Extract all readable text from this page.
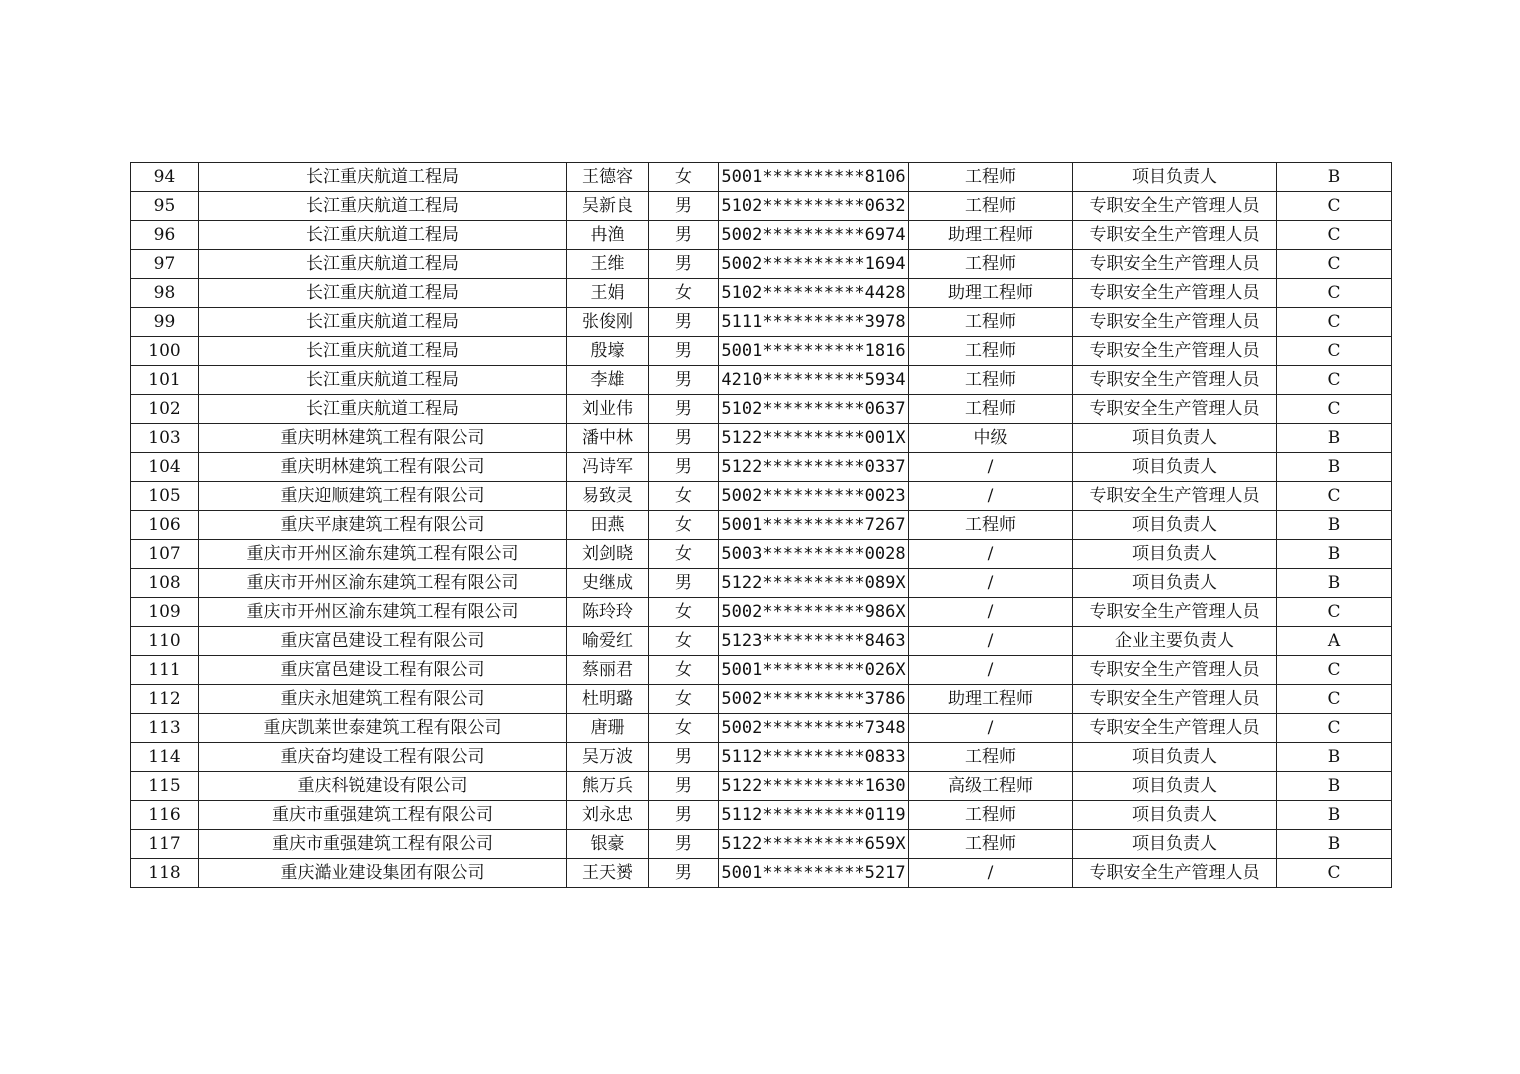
94	长江重庆航道工程局	王德容	女	5001**********8106	工程师	项目负责人	B
95	长江重庆航道工程局	吴新良	男	5102**********0632	工程师	专职安全生产管理人员	C
96	长江重庆航道工程局	冉渔	男	5002**********6974	助理工程师	专职安全生产管理人员	C
97	长江重庆航道工程局	王维	男	5002**********1694	工程师	专职安全生产管理人员	C
98	长江重庆航道工程局	王娟	女	5102**********4428	助理工程师	专职安全生产管理人员	C
99	长江重庆航道工程局	张俊刚	男	5111**********3978	工程师	专职安全生产管理人员	C
100	长江重庆航道工程局	殷壕	男	5001**********1816	工程师	专职安全生产管理人员	C
101	长江重庆航道工程局	李雄	男	4210**********5934	工程师	专职安全生产管理人员	C
102	长江重庆航道工程局	刘业伟	男	5102**********0637	工程师	专职安全生产管理人员	C
103	重庆明林建筑工程有限公司	潘中林	男	5122**********001X	中级	项目负责人	B
104	重庆明林建筑工程有限公司	冯诗军	男	5122**********0337	/	项目负责人	B
105	重庆迎顺建筑工程有限公司	易致灵	女	5002**********0023	/	专职安全生产管理人员	C
106	重庆平康建筑工程有限公司	田燕	女	5001**********7267	工程师	项目负责人	B
107	重庆市开州区渝东建筑工程有限公司	刘剑晓	女	5003**********0028	/	项目负责人	B
108	重庆市开州区渝东建筑工程有限公司	史继成	男	5122**********089X	/	项目负责人	B
109	重庆市开州区渝东建筑工程有限公司	陈玲玲	女	5002**********986X	/	专职安全生产管理人员	C
110	重庆富邑建设工程有限公司	喻爱红	女	5123**********8463	/	企业主要负责人	A
111	重庆富邑建设工程有限公司	蔡丽君	女	5001**********026X	/	专职安全生产管理人员	C
112	重庆永旭建筑工程有限公司	杜明璐	女	5002**********3786	助理工程师	专职安全生产管理人员	C
113	重庆凯莱世泰建筑工程有限公司	唐珊	女	5002**********7348	/	专职安全生产管理人员	C
114	重庆奋均建设工程有限公司	吴万波	男	5112**********0833	工程师	项目负责人	B
115	重庆科锐建设有限公司	熊万兵	男	5122**********1630	高级工程师	项目负责人	B
116	重庆市重强建筑工程有限公司	刘永忠	男	5112**********0119	工程师	项目负责人	B
117	重庆市重强建筑工程有限公司	银豪	男	5122**********659X	工程师	项目负责人	B
118	重庆澔业建设集团有限公司	王天赟	男	5001**********5217	/	专职安全生产管理人员	C
